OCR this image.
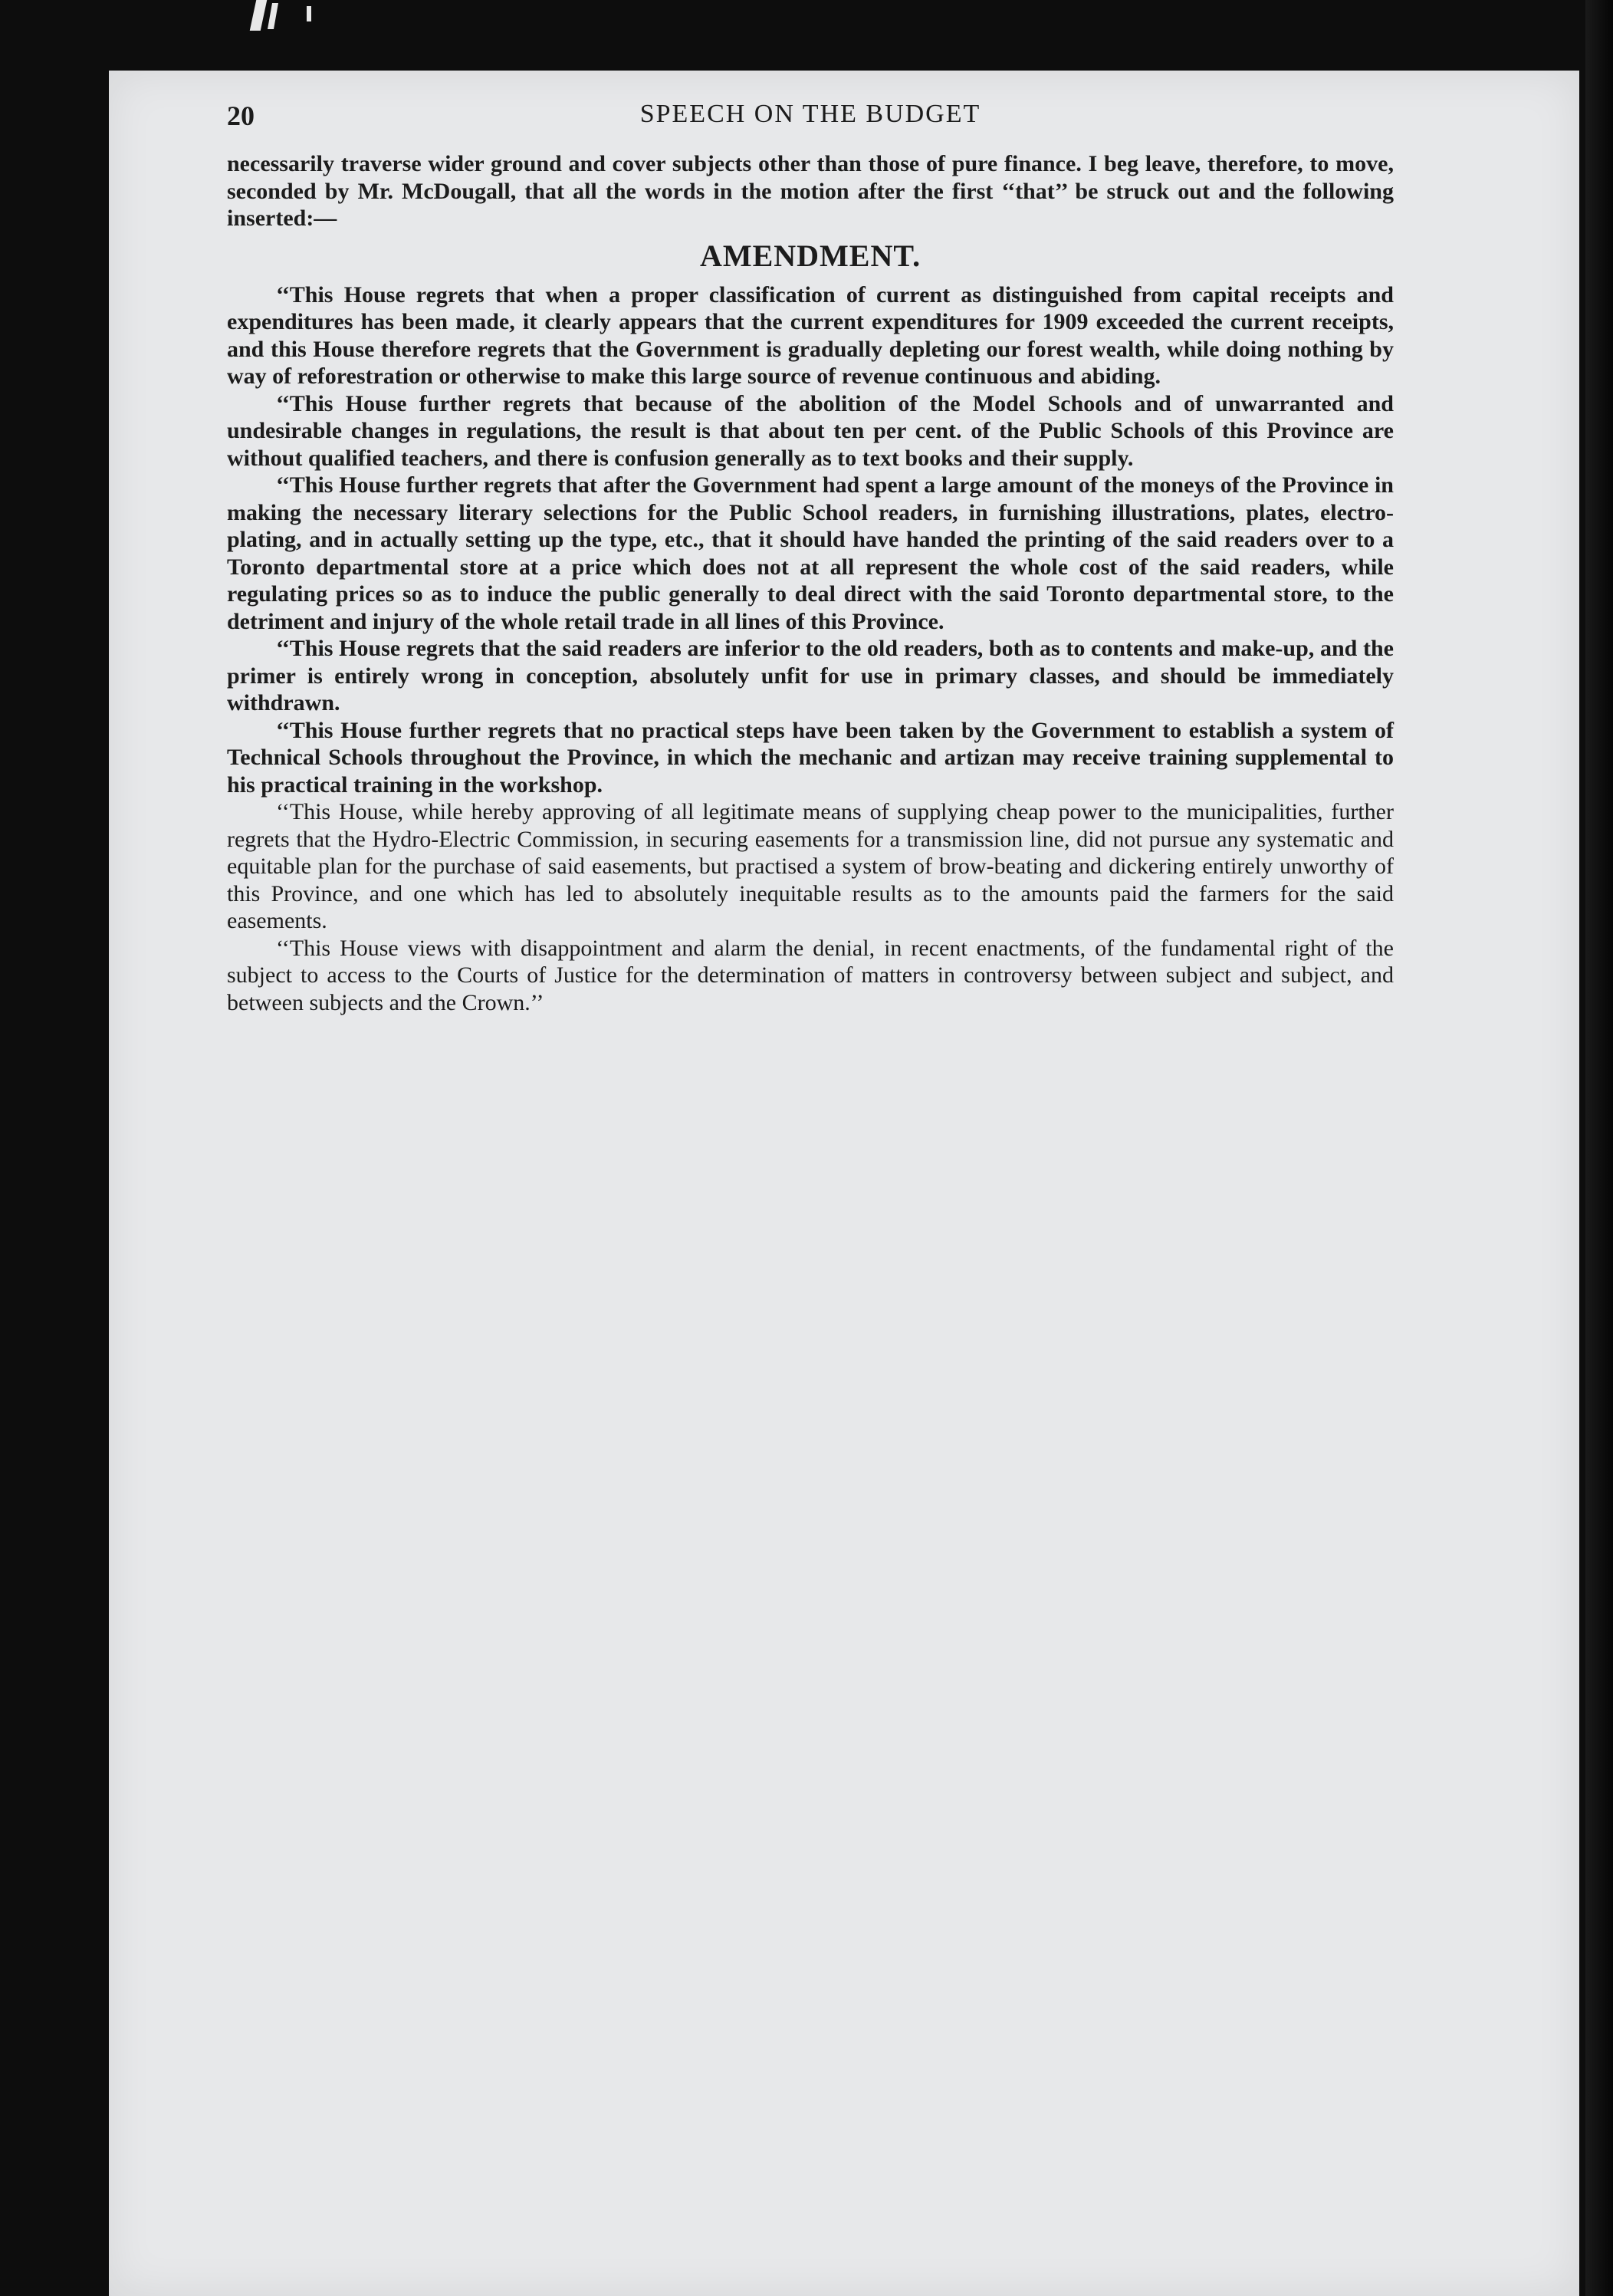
20	SPEECH ON THE BUDGET

necessarily traverse wider ground and cover subjects other than those of pure finance. I beg leave, therefore, to move, seconded by Mr. McDougall, that all the words in the motion after the first ‘‘that’’ be struck out and the following inserted:—

AMENDMENT.

‘‘This House regrets that when a proper classification of current as distinguished from capital receipts and expenditures has been made, it clearly appears that the current expenditures for 1909 exceeded the current receipts, and this House therefore regrets that the Government is gradually depleting our forest wealth, while doing nothing by way of reforestration or otherwise to make this large source of revenue continuous and abiding.

‘‘This House further regrets that because of the abolition of the Model Schools and of unwarranted and undesirable changes in regulations, the result is that about ten per cent. of the Public Schools of this Province are without qualified teachers, and there is confusion generally as to text books and their supply.

‘‘This House further regrets that after the Government had spent a large amount of the moneys of the Province in making the necessary literary selections for the Public School readers, in furnishing illustrations, plates, electro-plating, and in actually setting up the type, etc., that it should have handed the printing of the said readers over to a Toronto departmental store at a price which does not at all represent the whole cost of the said readers, while regulating prices so as to induce the public generally to deal direct with the said Toronto departmental store, to the detriment and injury of the whole retail trade in all lines of this Province.

‘‘This House regrets that the said readers are inferior to the old readers, both as to contents and make-up, and the primer is entirely wrong in conception, absolutely unfit for use in primary classes, and should be immediately withdrawn.

‘‘This House further regrets that no practical steps have been taken by the Government to establish a system of Technical Schools throughout the Province, in which the mechanic and artizan may receive training supplemental to his practical training in the workshop.

‘‘This House, while hereby approving of all legitimate means of supplying cheap power to the municipalities, further regrets that the Hydro-Electric Commission, in securing easements for a transmission line, did not pursue any systematic and equitable plan for the purchase of said easements, but practised a system of brow-beating and dickering entirely unworthy of this Province, and one which has led to absolutely inequitable results as to the amounts paid the farmers for the said easements.

‘‘This House views with disappointment and alarm the denial, in recent enactments, of the fundamental right of the subject to access to the Courts of Justice for the determination of matters in controversy between subject and subject, and between subjects and the Crown.’’
